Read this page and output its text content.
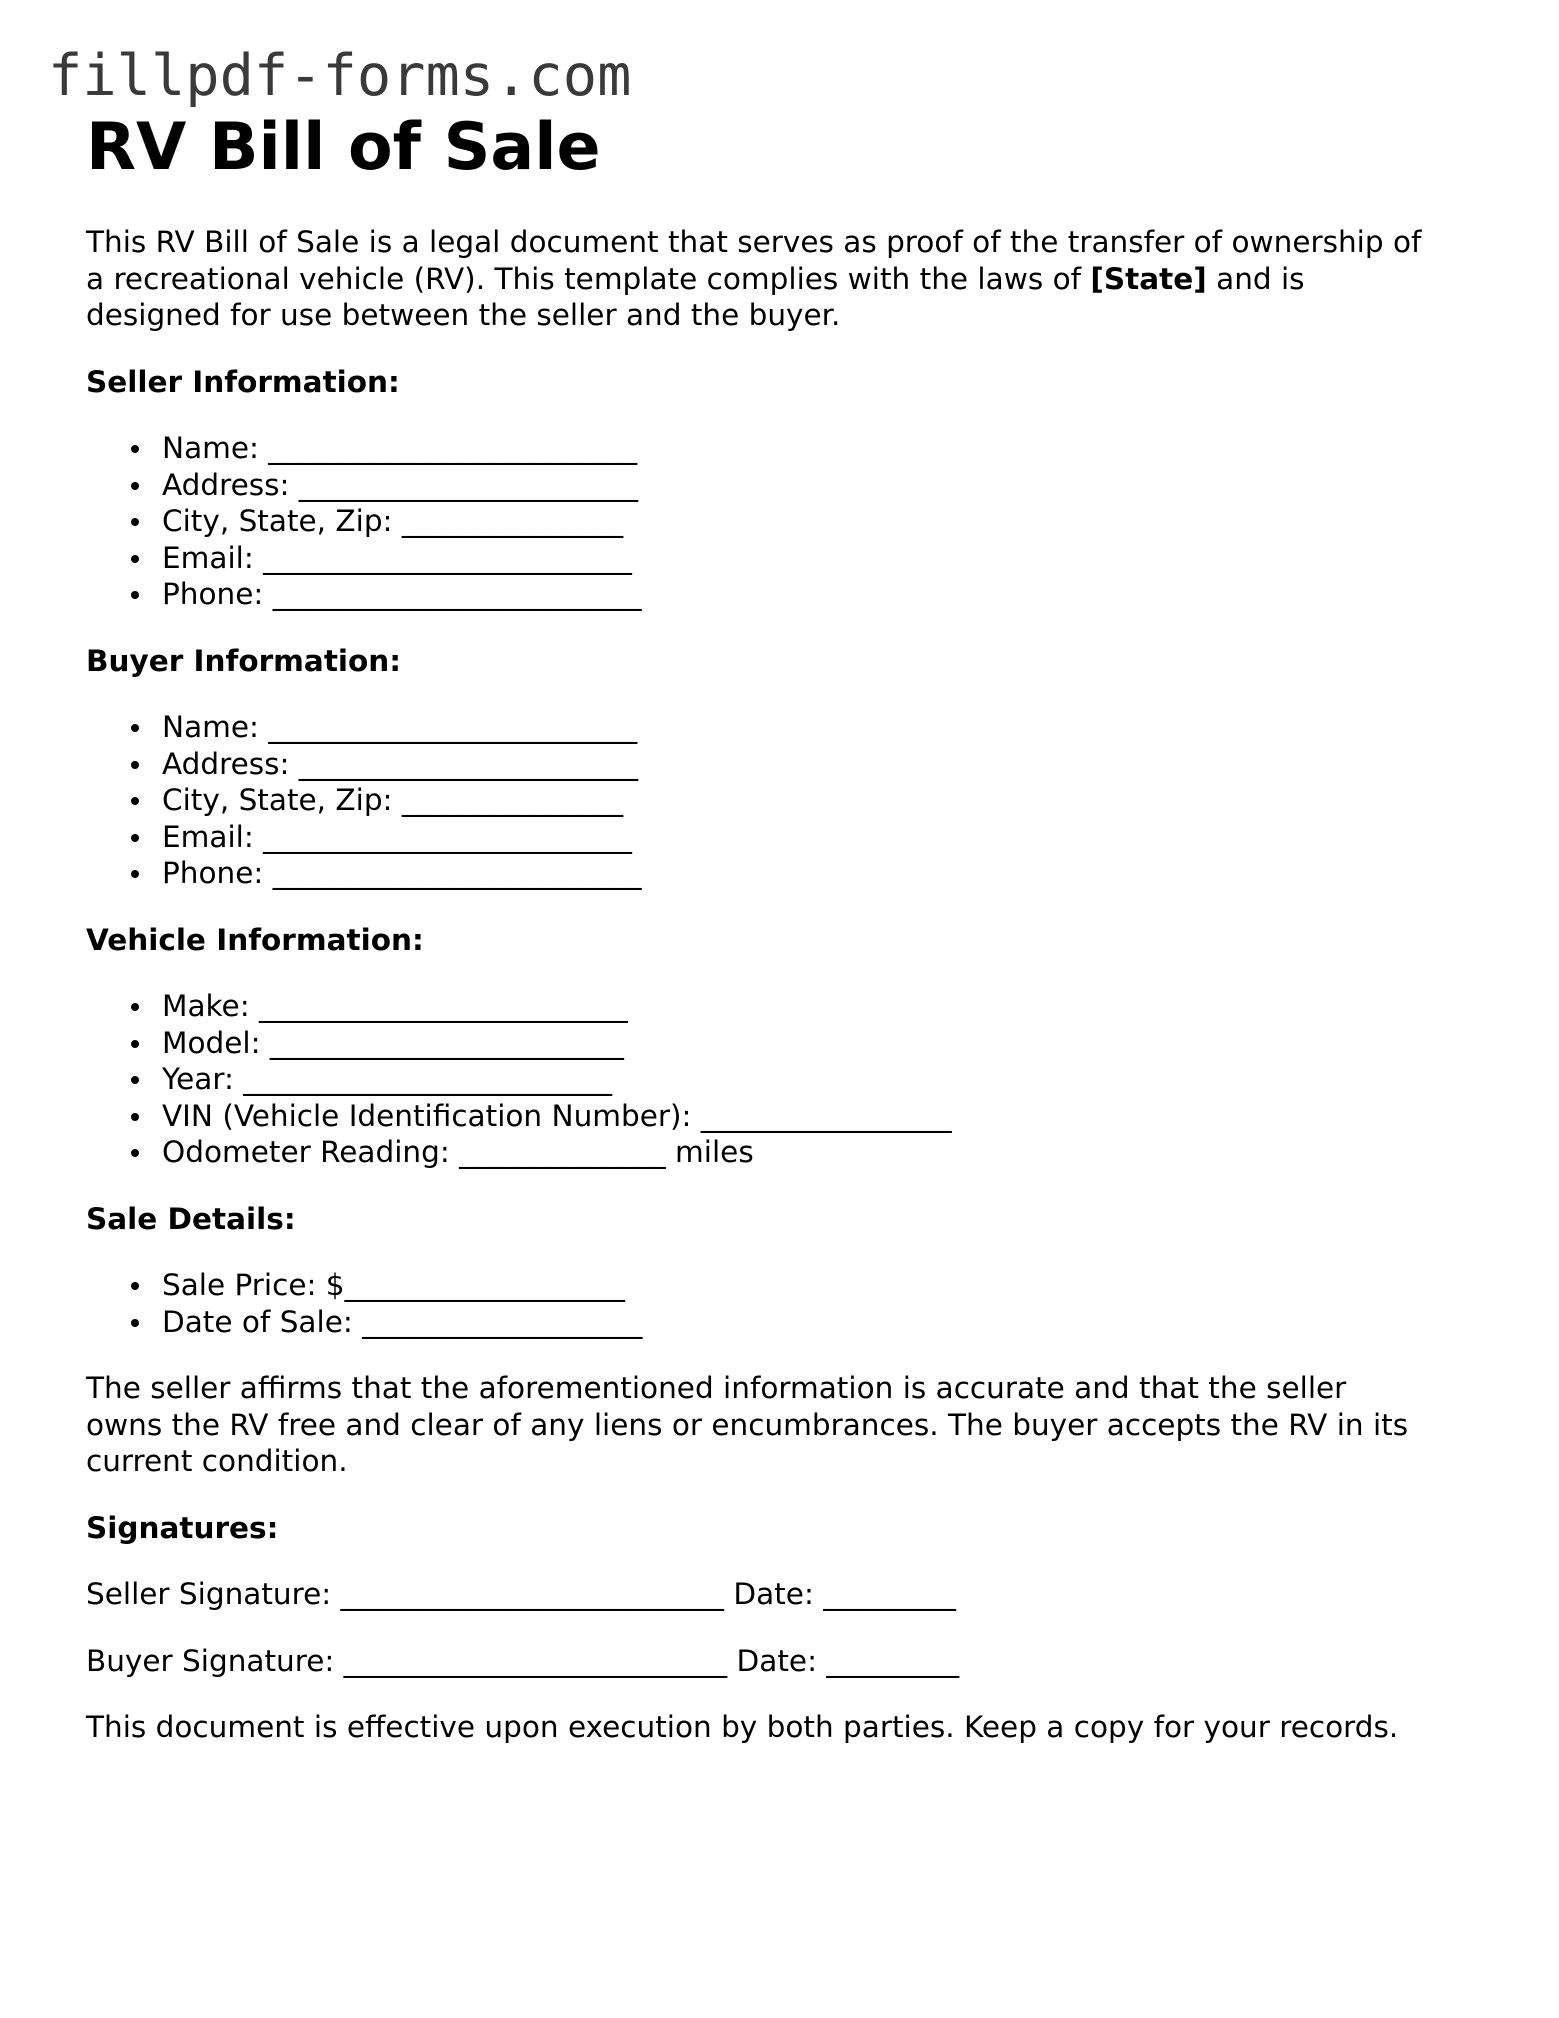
fillpdf-forms.com
RV Bill of Sale
This RV Bill of Sale is a legal document that serves as proof of the transfer of ownership of
a recreational vehicle (RV). This template complies with the laws of [State] and is
designed for use between the seller and the buyer.
Seller Information:
Name: _________________________
Address: _______________________
City, State, Zip: _______________
Email: _________________________
Phone: _________________________
Buyer Information:
Name: _________________________
Address: _______________________
City, State, Zip: _______________
Email: _________________________
Phone: _________________________
Vehicle Information:
Make: _________________________
Model: ________________________
Year: _________________________
VIN (Vehicle Identification Number): _________________
Odometer Reading: ______________ miles
Sale Details:
Sale Price: $___________________
Date of Sale: ___________________
The seller affirms that the aforementioned information is accurate and that the seller
owns the RV free and clear of any liens or encumbrances. The buyer accepts the RV in its
current condition.
Signatures:
Seller Signature: __________________________ Date: _________
Buyer Signature: __________________________ Date: _________
This document is effective upon execution by both parties. Keep a copy for your records.
